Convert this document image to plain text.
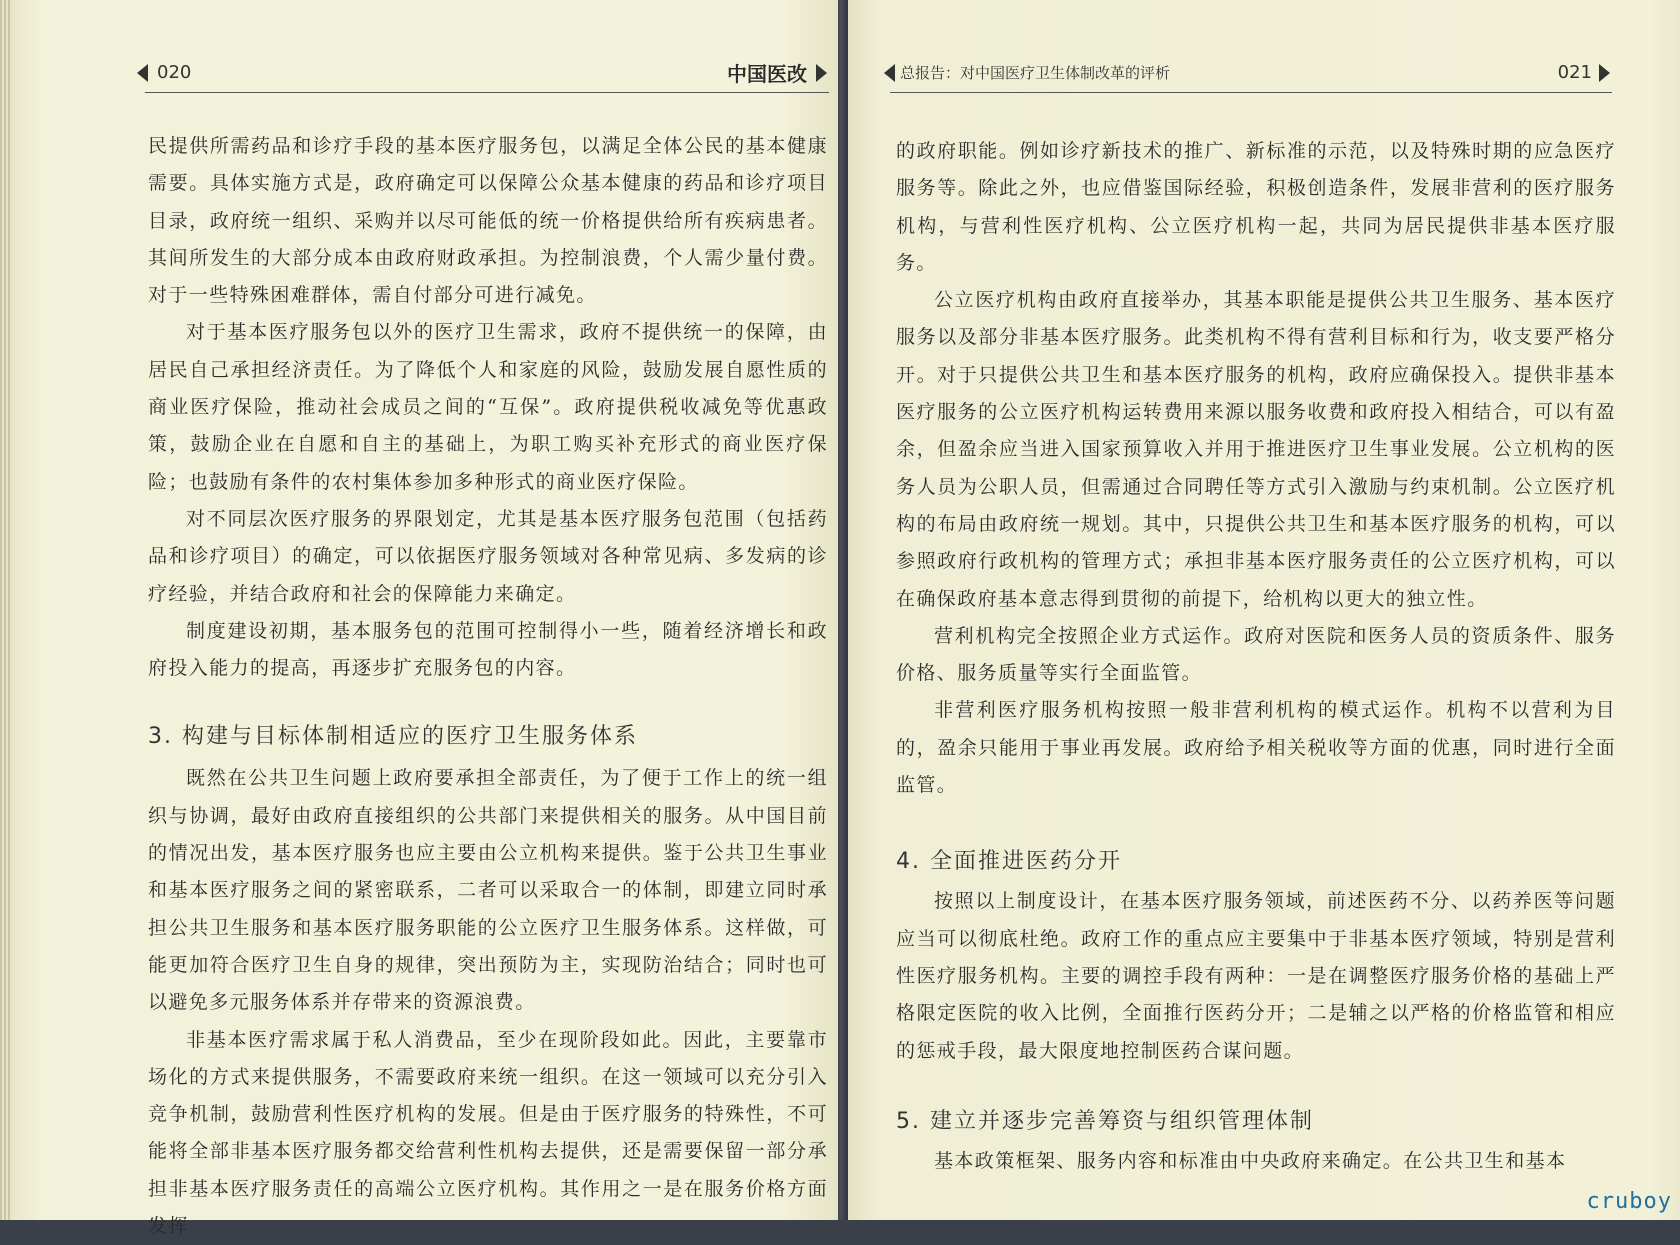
020	中国医改

民提供所需药品和诊疗手段的基本医疗服务包，以满足全体公民的基本健康需要。具体实施方式是，政府确定可以保障公众基本健康的药品和诊疗项目目录，政府统一组织、采购并以尽可能低的统一价格提供给所有疾病患者。其间所发生的大部分成本由政府财政承担。为控制浪费，个人需少量付费。对于一些特殊困难群体，需自付部分可进行减免。

对于基本医疗服务包以外的医疗卫生需求，政府不提供统一的保障，由居民自己承担经济责任。为了降低个人和家庭的风险，鼓励发展自愿性质的商业医疗保险，推动社会成员之间的“互保”。政府提供税收减免等优惠政策，鼓励企业在自愿和自主的基础上，为职工购买补充形式的商业医疗保险；也鼓励有条件的农村集体参加多种形式的商业医疗保险。

对不同层次医疗服务的界限划定，尤其是基本医疗服务包范围（包括药品和诊疗项目）的确定，可以依据医疗服务领域对各种常见病、多发病的诊疗经验，并结合政府和社会的保障能力来确定。

制度建设初期，基本服务包的范围可控制得小一些，随着经济增长和政府投入能力的提高，再逐步扩充服务包的内容。

3. 构建与目标体制相适应的医疗卫生服务体系

既然在公共卫生问题上政府要承担全部责任，为了便于工作上的统一组织与协调，最好由政府直接组织的公共部门来提供相关的服务。从中国目前的情况出发，基本医疗服务也应主要由公立机构来提供。鉴于公共卫生事业和基本医疗服务之间的紧密联系，二者可以采取合一的体制，即建立同时承担公共卫生服务和基本医疗服务职能的公立医疗卫生服务体系。这样做，可能更加符合医疗卫生自身的规律，突出预防为主，实现防治结合；同时也可以避免多元服务体系并存带来的资源浪费。

非基本医疗需求属于私人消费品，至少在现阶段如此。因此，主要靠市场化的方式来提供服务，不需要政府来统一组织。在这一领域可以充分引入竞争机制，鼓励营利性医疗机构的发展。但是由于医疗服务的特殊性，不可能将全部非基本医疗服务都交给营利性机构去提供，还是需要保留一部分承担非基本医疗服务责任的高端公立医疗机构。其作用之一是在服务价格方面发挥

总报告：对中国医疗卫生体制改革的评析	021

的政府职能。例如诊疗新技术的推广、新标准的示范，以及特殊时期的应急医疗服务等。除此之外，也应借鉴国际经验，积极创造条件，发展非营利的医疗服务机构，与营利性医疗机构、公立医疗机构一起，共同为居民提供非基本医疗服务。

公立医疗机构由政府直接举办，其基本职能是提供公共卫生服务、基本医疗服务以及部分非基本医疗服务。此类机构不得有营利目标和行为，收支要严格分开。对于只提供公共卫生和基本医疗服务的机构，政府应确保投入。提供非基本医疗服务的公立医疗机构运转费用来源以服务收费和政府投入相结合，可以有盈余，但盈余应当进入国家预算收入并用于推进医疗卫生事业发展。公立机构的医务人员为公职人员，但需通过合同聘任等方式引入激励与约束机制。公立医疗机构的布局由政府统一规划。其中，只提供公共卫生和基本医疗服务的机构，可以参照政府行政机构的管理方式；承担非基本医疗服务责任的公立医疗机构，可以在确保政府基本意志得到贯彻的前提下，给机构以更大的独立性。

营利机构完全按照企业方式运作。政府对医院和医务人员的资质条件、服务价格、服务质量等实行全面监管。

非营利医疗服务机构按照一般非营利机构的模式运作。机构不以营利为目的，盈余只能用于事业再发展。政府给予相关税收等方面的优惠，同时进行全面监管。

4. 全面推进医药分开

按照以上制度设计，在基本医疗服务领域，前述医药不分、以药养医等问题应当可以彻底杜绝。政府工作的重点应主要集中于非基本医疗领域，特别是营利性医疗服务机构。主要的调控手段有两种：一是在调整医疗服务价格的基础上严格限定医院的收入比例，全面推行医药分开；二是辅之以严格的价格监管和相应的惩戒手段，最大限度地控制医药合谋问题。

5. 建立并逐步完善筹资与组织管理体制

基本政策框架、服务内容和标准由中央政府来确定。在公共卫生和基本

cruboy
